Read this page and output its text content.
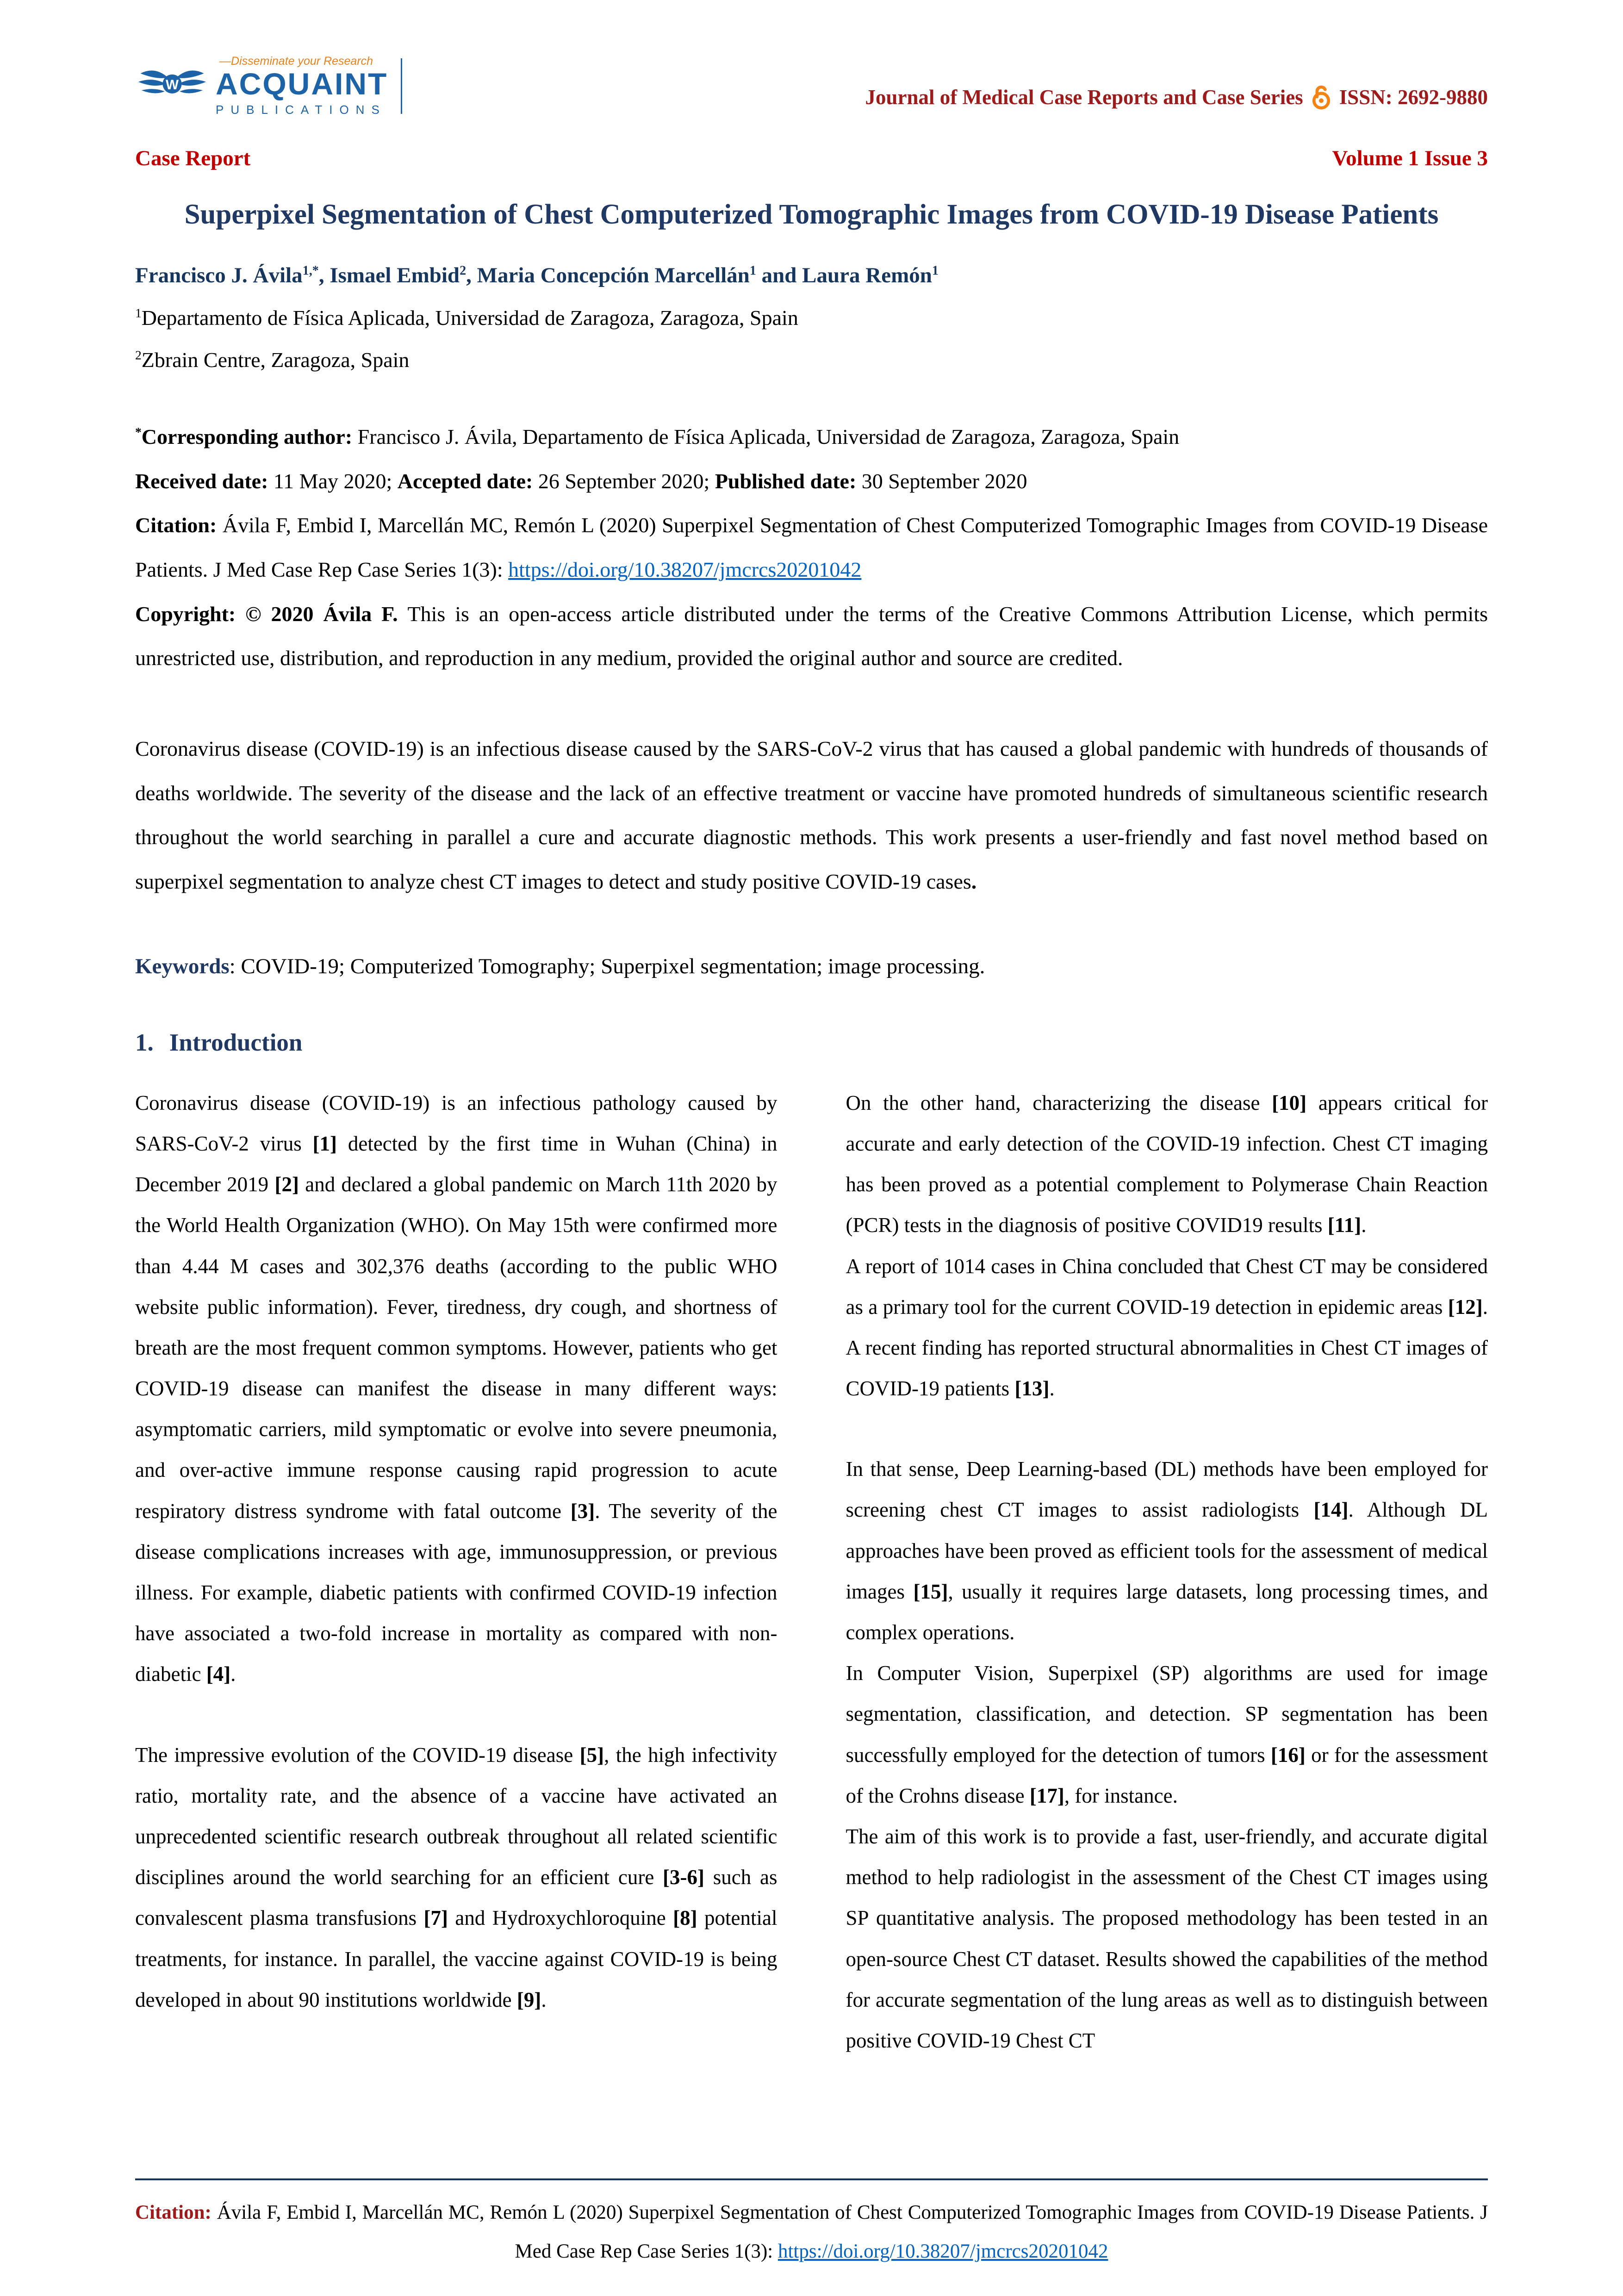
W
—Disseminate your Research
ACQUAINT
PUBLICATIONS
Journal of Medical Case Reports and Case Series ISSN: 2692-9880
Case Report	Volume 1 Issue 3
Superpixel Segmentation of Chest Computerized Tomographic Images from COVID-19 Disease Patients
Francisco J. Ávila$^{1,*}$, Ismael Embid$^2$, Maria Concepción Marcellán$^1$ and Laura Remón$^1$
$^1$Departamento de Física Aplicada, Universidad de Zaragoza, Zaragoza, Spain
$^2$Zbrain Centre, Zaragoza, Spain

*Corresponding author: Francisco J. Ávila, Departamento de Física Aplicada, Universidad de Zaragoza, Zaragoza, Spain

Received date: 11 May 2020; Accepted date: 26 September 2020; Published date: 30 September 2020

Citation: Ávila F, Embid I, Marcellán MC, Remón L (2020) Superpixel Segmentation of Chest Computerized Tomographic Images from COVID-19 Disease Patients. J Med Case Rep Case Series 1(3): https://doi.org/10.38207/jmcrcs20201042

Copyright: © 2020 Ávila F. This is an open-access article distributed under the terms of the Creative Commons Attribution License, which permits unrestricted use, distribution, and reproduction in any medium, provided the original author and source are credited.

Coronavirus disease (COVID-19) is an infectious disease caused by the SARS-CoV-2 virus that has caused a global pandemic with hundreds of thousands of deaths worldwide. The severity of the disease and the lack of an effective treatment or vaccine have promoted hundreds of simultaneous scientific research throughout the world searching in parallel a cure and accurate diagnostic methods. This work presents a user-friendly and fast novel method based on superpixel segmentation to analyze chest CT images to detect and study positive COVID-19 cases.

Keywords: COVID-19; Computerized Tomography; Superpixel segmentation; image processing.

1. Introduction

Coronavirus disease (COVID-19) is an infectious pathology caused by SARS-CoV-2 virus [1] detected by the first time in Wuhan (China) in December 2019 [2] and declared a global pandemic on March 11th 2020 by the World Health Organization (WHO). On May 15th were confirmed more than 4.44 M cases and 302,376 deaths (according to the public WHO website public information). Fever, tiredness, dry cough, and shortness of breath are the most frequent common symptoms. However, patients who get COVID-19 disease can manifest the disease in many different ways: asymptomatic carriers, mild symptomatic or evolve into severe pneumonia, and over-active immune response causing rapid progression to acute respiratory distress syndrome with fatal outcome [3]. The severity of the disease complications increases with age, immunosuppression, or previous illness. For example, diabetic patients with confirmed COVID-19 infection have associated a two-fold increase in mortality as compared with non-diabetic [4].

The impressive evolution of the COVID-19 disease [5], the high infectivity ratio, mortality rate, and the absence of a vaccine have activated an unprecedented scientific research outbreak throughout all related scientific disciplines around the world searching for an efficient cure [3-6] such as convalescent plasma transfusions [7] and Hydroxychloroquine [8] potential treatments, for instance. In parallel, the vaccine against COVID-19 is being developed in about 90 institutions worldwide [9].

On the other hand, characterizing the disease [10] appears critical for accurate and early detection of the COVID-19 infection. Chest CT imaging has been proved as a potential complement to Polymerase Chain Reaction (PCR) tests in the diagnosis of positive COVID19 results [11].

A report of 1014 cases in China concluded that Chest CT may be considered as a primary tool for the current COVID-19 detection in epidemic areas [12]. A recent finding has reported structural abnormalities in Chest CT images of COVID-19 patients [13].

In that sense, Deep Learning-based (DL) methods have been employed for screening chest CT images to assist radiologists [14]. Although DL approaches have been proved as efficient tools for the assessment of medical images [15], usually it requires large datasets, long processing times, and complex operations.

In Computer Vision, Superpixel (SP) algorithms are used for image segmentation, classification, and detection. SP segmentation has been successfully employed for the detection of tumors [16] or for the assessment of the Crohns disease [17], for instance.

The aim of this work is to provide a fast, user-friendly, and accurate digital method to help radiologist in the assessment of the Chest CT images using SP quantitative analysis. The proposed methodology has been tested in an open-source Chest CT dataset. Results showed the capabilities of the method for accurate segmentation of the lung areas as well as to distinguish between positive COVID-19 Chest CT

Citation: Ávila F, Embid I, Marcellán MC, Remón L (2020) Superpixel Segmentation of Chest Computerized Tomographic Images from COVID-19 Disease Patients. J Med Case Rep Case Series 1(3): https://doi.org/10.38207/jmcrcs20201042
